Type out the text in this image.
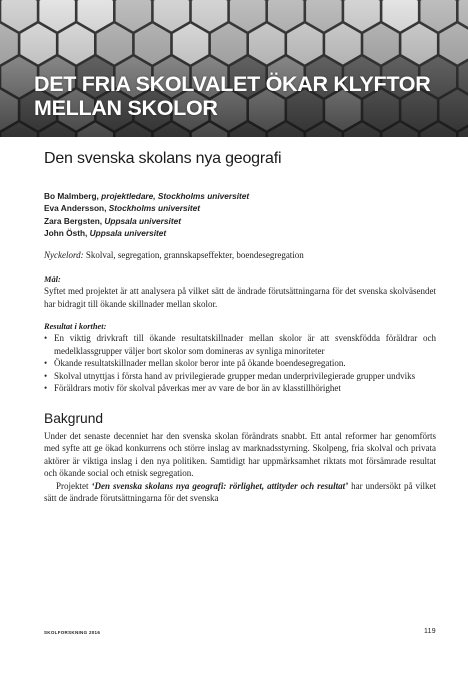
DET FRIA SKOLVALET ÖKAR KLYFTOR MELLAN SKOLOR
Den svenska skolans nya geografi
Bo Malmberg, projektledare, Stockholms universitet
Eva Andersson, Stockholms universitet
Zara Bergsten, Uppsala universitet
John Östh, Uppsala universitet
Nyckelord: Skolval, segregation, grannskapseffekter, boendesegregation
Mål:

Syftet med projektet är att analysera på vilket sätt de ändrade förutsättningarna för det svenska skolväsendet har bidragit till ökande skillnader mellan skolor.

Resultat i korthet:
• En viktig drivkraft till ökande resultatskillnader mellan skolor är att svenskfödda föräldrar och medelklassgrupper väljer bort skolor som domineras av synliga minoriteter
• Ökande resultatskillnader mellan skolor beror inte på ökande boendesegregation.
• Skolval utnyttjas i första hand av privilegierade grupper medan underprivilegierade grupper undviks
• Föräldrars motiv för skolval påverkas mer av vare de bor än av klasstillhörighet
Bakgrund

Under det senaste decenniet har den svenska skolan förändrats snabbt. Ett antal reformer har genomförts med syfte att ge ökad konkurrens och större inslag av marknadsstyrning. Skolpeng, fria skolval och privata aktörer är viktiga inslag i den nya politiken. Samtidigt har uppmärksamhet riktats mot försämrade resultat och ökande social och etnisk segregation.

Projektet ‘Den svenska skolans nya geografi: rörlighet, attityder och resultat’ har undersökt på vilket sätt de ändrade förutsättningarna för det svenska

SKOLFORSKNING 2016	119
